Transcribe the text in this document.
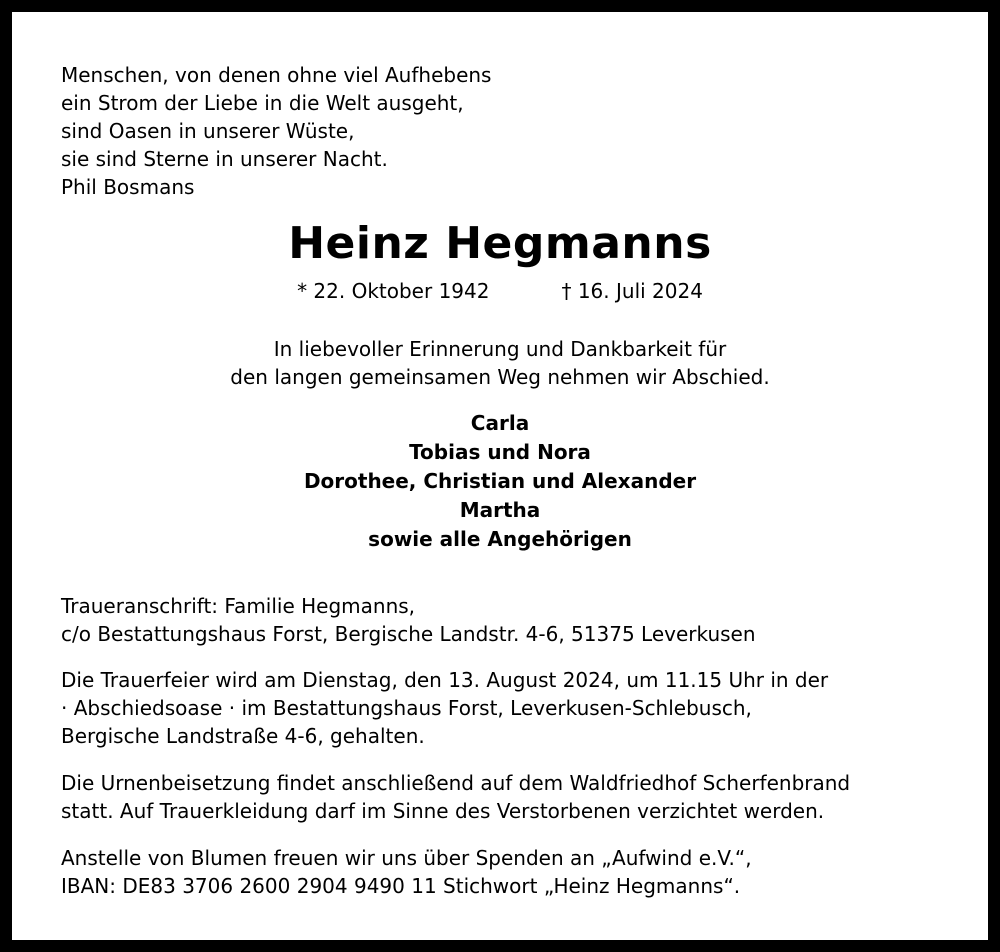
Menschen, von denen ohne viel Aufhebens
ein Strom der Liebe in die Welt ausgeht,
sind Oasen in unserer Wüste,
sie sind Sterne in unserer Nacht.
Phil Bosmans
Heinz Hegmanns
* 22. Oktober 1942	† 16. Juli 2024
In liebevoller Erinnerung und Dankbarkeit für
den langen gemeinsamen Weg nehmen wir Abschied.
Carla
Tobias und Nora
Dorothee, Christian und Alexander
Martha
sowie alle Angehörigen
Traueranschrift: Familie Hegmanns,
c/o Bestattungshaus Forst, Bergische Landstr. 4-6, 51375 Leverkusen
Die Trauerfeier wird am Dienstag, den 13. August 2024, um 11.15 Uhr in der
· Abschiedsoase · im Bestattungshaus Forst, Leverkusen-Schlebusch,
Bergische Landstraße 4-6, gehalten.
Die Urnenbeisetzung findet anschließend auf dem Waldfriedhof Scherfenbrand
statt. Auf Trauerkleidung darf im Sinne des Verstorbenen verzichtet werden.
Anstelle von Blumen freuen wir uns über Spenden an „Aufwind e.V.“,
IBAN: DE83 3706 2600 2904 9490 11 Stichwort „Heinz Hegmanns“.
